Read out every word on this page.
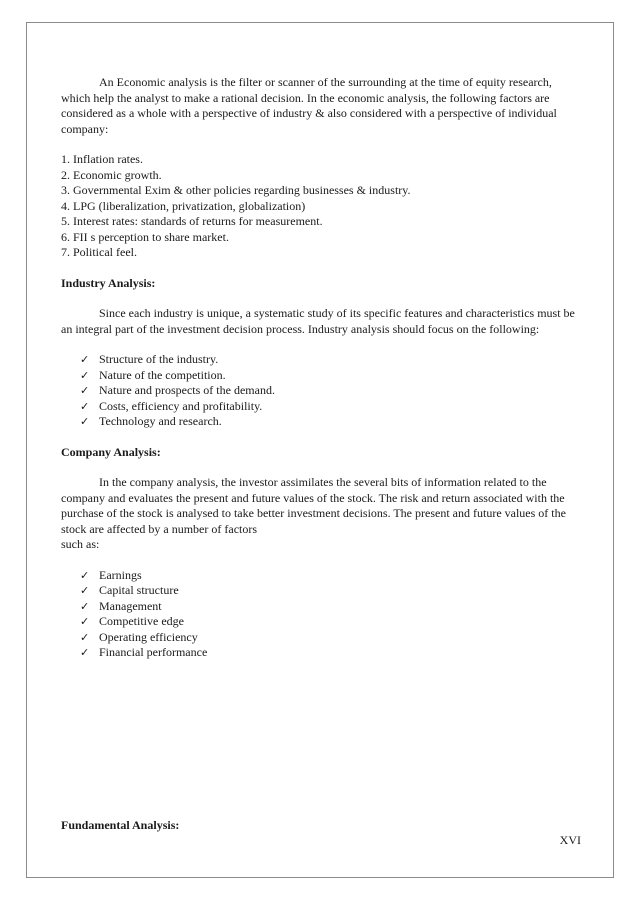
An Economic analysis is the filter or scanner of the surrounding at the time of equity research, which help the analyst to make a rational decision. In the economic analysis, the following factors are considered as a whole with a perspective of industry & also considered with a perspective of individual company:

1. Inflation rates.
2. Economic growth.
3. Governmental Exim & other policies regarding businesses & industry.
4. LPG (liberalization, privatization, globalization)
5. Interest rates: standards of returns for measurement.
6. FII s perception to share market.
7. Political feel.

Industry Analysis:

Since each industry is unique, a systematic study of its specific features and characteristics must be an integral part of the investment decision process. Industry analysis should focus on the following:

✓ Structure of the industry.
✓ Nature of the competition.
✓ Nature and prospects of the demand.
✓ Costs, efficiency and profitability.
✓ Technology and research.

Company Analysis:

In the company analysis, the investor assimilates the several bits of information related to the company and evaluates the present and future values of the stock. The risk and return associated with the purchase of the stock is analysed to take better investment decisions. The present and future values of the stock are affected by a number of factors

such as:

✓ Earnings
✓ Capital structure
✓ Management
✓ Competitive edge
✓ Operating efficiency
✓ Financial performance

Fundamental Analysis:

XVI
